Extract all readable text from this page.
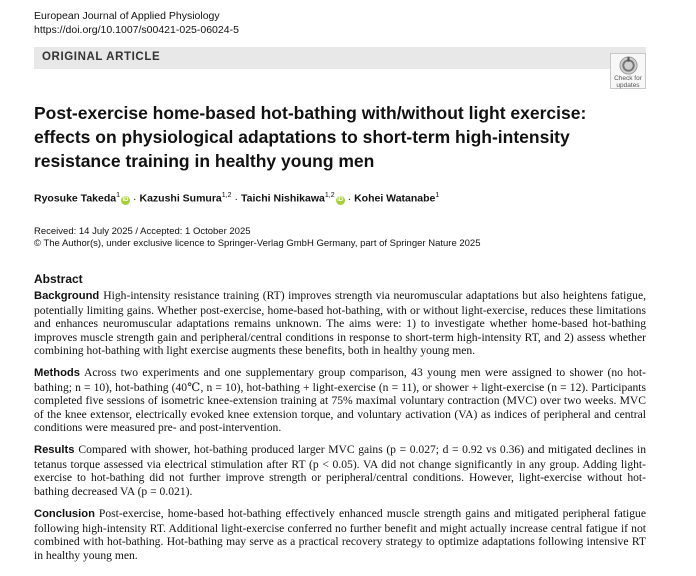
European Journal of Applied Physiology
https://doi.org/10.1007/s00421-025-06024-5
ORIGINAL ARTICLE
Check for
updates
Post-exercise home-based hot-bathing with/without light exercise: effects on physiological adaptations to short-term high-intensity resistance training in healthy young men
Ryosuke Takeda$^1$iD · Kazushi Sumura$^{1,2}$ · Taichi Nishikawa$^{1,2}$iD · Kohei Watanabe$^1$
Received: 14 July 2025 / Accepted: 1 October 2025
© The Author(s), under exclusive licence to Springer-Verlag GmbH Germany, part of Springer Nature 2025
Abstract

Background High-intensity resistance training (RT) improves strength via neuromuscular adaptations but also heightens fatigue, potentially limiting gains. Whether post-exercise, home-based hot-bathing, with or without light-exercise, reduces these limitations and enhances neuromuscular adaptations remains unknown. The aims were: 1) to investigate whether home-based hot-bathing improves muscle strength gain and peripheral/central conditions in response to short-term high-intensity RT, and 2) assess whether combining hot-bathing with light exercise augments these benefits, both in healthy young men.

Methods Across two experiments and one supplementary group comparison, 43 young men were assigned to shower (no hot-bathing; n = 10), hot-bathing (40℃, n = 10), hot-bathing + light-exercise (n = 11), or shower + light-exercise (n = 12). Participants completed five sessions of isometric knee-extension training at 75% maximal voluntary contraction (MVC) over two weeks. MVC of the knee extensor, electrically evoked knee extension torque, and voluntary activation (VA) as indices of peripheral and central conditions were measured pre- and post-intervention.

Results Compared with shower, hot-bathing produced larger MVC gains (p = 0.027; d = 0.92 vs 0.36) and mitigated declines in tetanus torque assessed via electrical stimulation after RT (p < 0.05). VA did not change significantly in any group. Adding light-exercise to hot-bathing did not further improve strength or peripheral/central conditions. However, light-exercise without hot-bathing decreased VA (p = 0.021).

Conclusion Post-exercise, home-based hot-bathing effectively enhanced muscle strength gains and mitigated peripheral fatigue following high-intensity RT. Additional light-exercise conferred no further benefit and might actually increase central fatigue if not combined with hot-bathing. Hot-bathing may serve as a practical recovery strategy to optimize adaptations following intensive RT in healthy young men.
